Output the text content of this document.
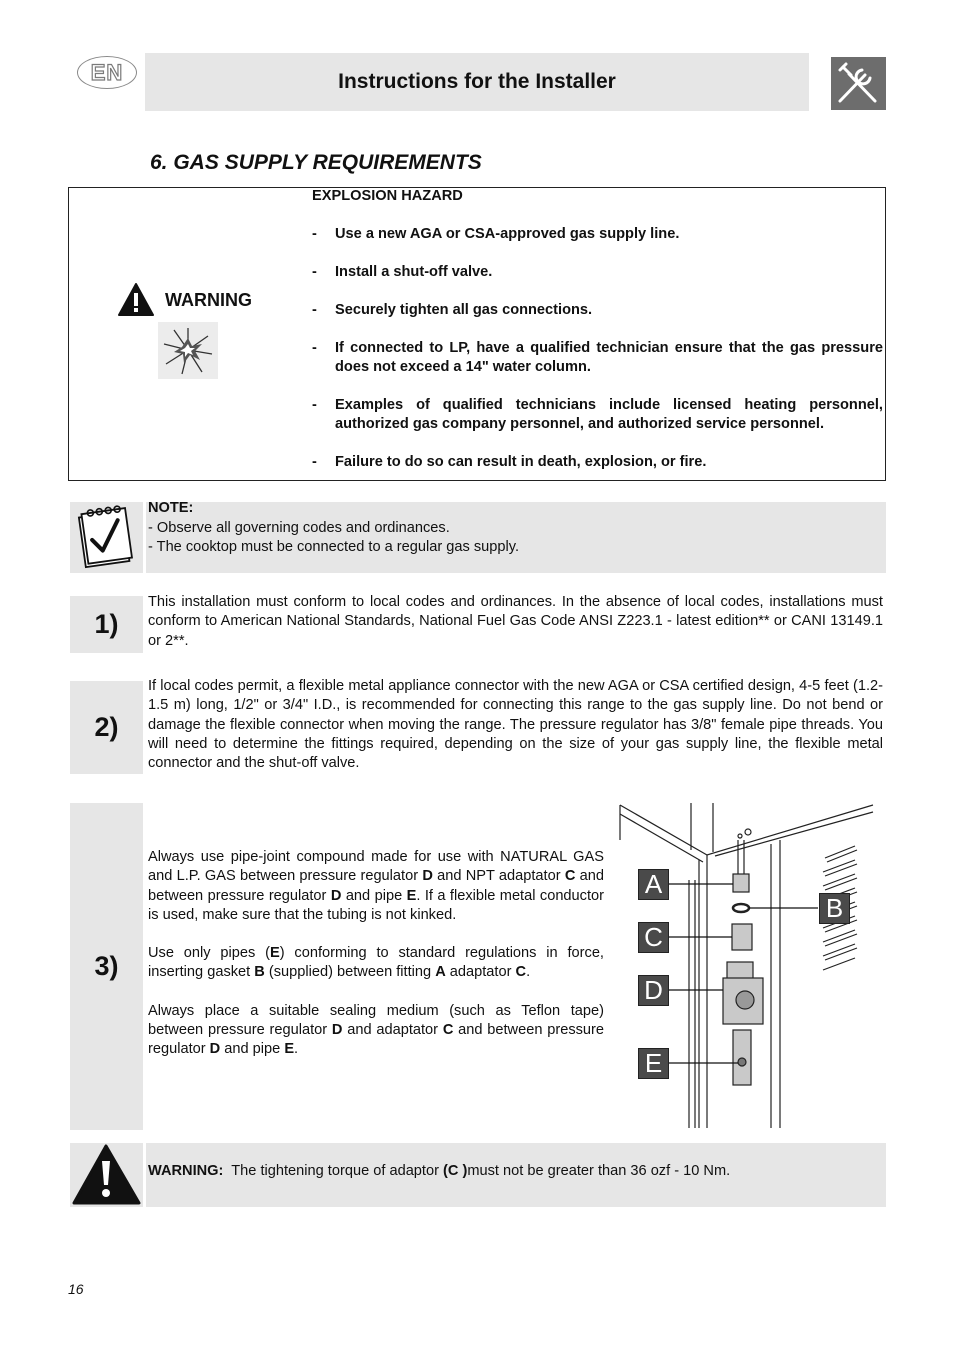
EN	Instructions for the Installer
6. GAS SUPPLY REQUIREMENTS
WARNING
EXPLOSION HAZARD
-	Use a new AGA or CSA-approved gas supply line.
-	Install a shut-off valve.
-	Securely tighten all gas connections.
-	If connected to LP, have a qualified technician ensure that the gas pressure does not exceed a 14" water column.
-	Examples of qualified technicians include licensed heating personnel, authorized gas company personnel, and authorized service personnel.
-	Failure to do so can result in death, explosion, or fire.
NOTE:
- Observe all governing codes and ordinances.
- The cooktop must be connected to a regular gas supply.
1)
This installation must conform to local codes and ordinances. In the absence of local codes, installations must conform to American National Standards, National Fuel Gas Code ANSI Z223.1 - latest edition** or CANI 13149.1 or 2**.
2)
If local codes permit, a flexible metal appliance connector with the new AGA or CSA certified design, 4-5 feet (1.2-1.5 m) long, 1/2" or 3/4" I.D., is recommended for connecting this range to the gas supply line. Do not bend or damage the flexible connector when moving the range. The pressure regulator has 3/8" female pipe threads. You will need to determine the fittings required, depending on the size of your gas supply line, the flexible metal connector and the shut-off valve.
3)

Always use pipe-joint compound made for use with NATURAL GAS and L.P. GAS between pressure regulator D and NPT adaptator C and between pressure regulator D and pipe E. If a flexible metal conductor is used, make sure that the tubing is not kinked.

Use only pipes (E) conforming to standard regulations in force, inserting gasket B (supplied) between fitting A adaptator C.

Always place a suitable sealing medium (such as Teflon tape) between pressure regulator D and adaptator C and between pressure regulator D and pipe E.

A
B
C
D
E
WARNING:  The tightening torque of adaptor (C )must not be greater than 36 ozf - 10 Nm.
16
